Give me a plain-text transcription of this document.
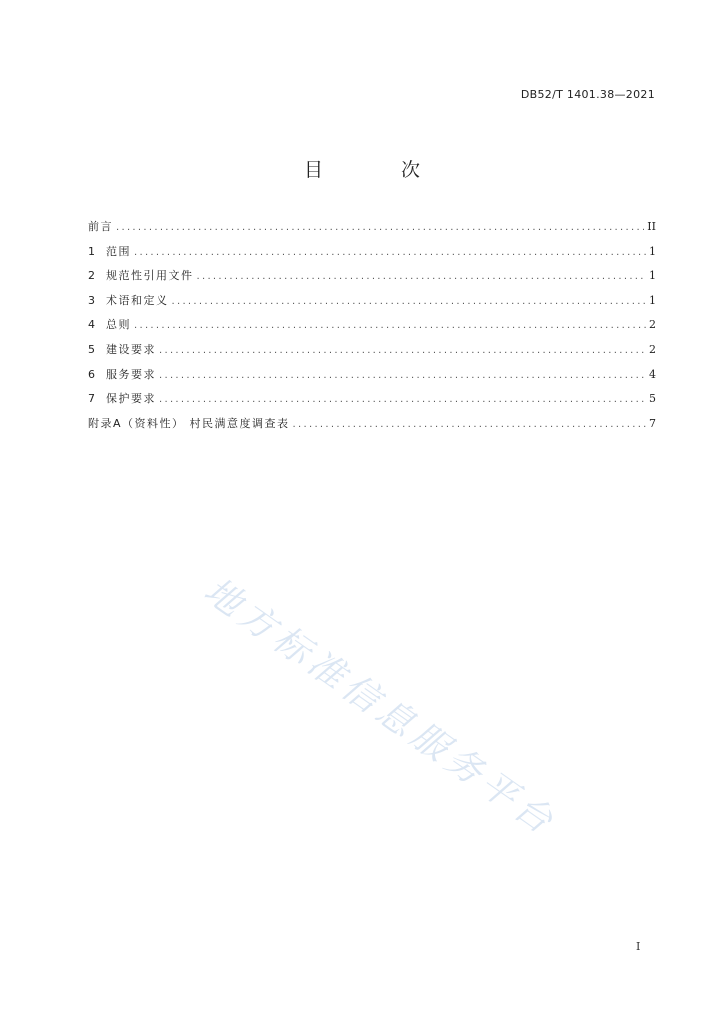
DB52/T 1401.38—2021
目 次
前言 .....	II
1	范围 .....	1
2	规范性引用文件 .....	1
3	术语和定义 .....	1
4	总则 .....	2
5	建设要求 .....	2
6	服务要求 .....	4
7	保护要求 .....	5
附录A（资料性） 村民满意度调查表 .....	7
地方标准信息服务平台
I
